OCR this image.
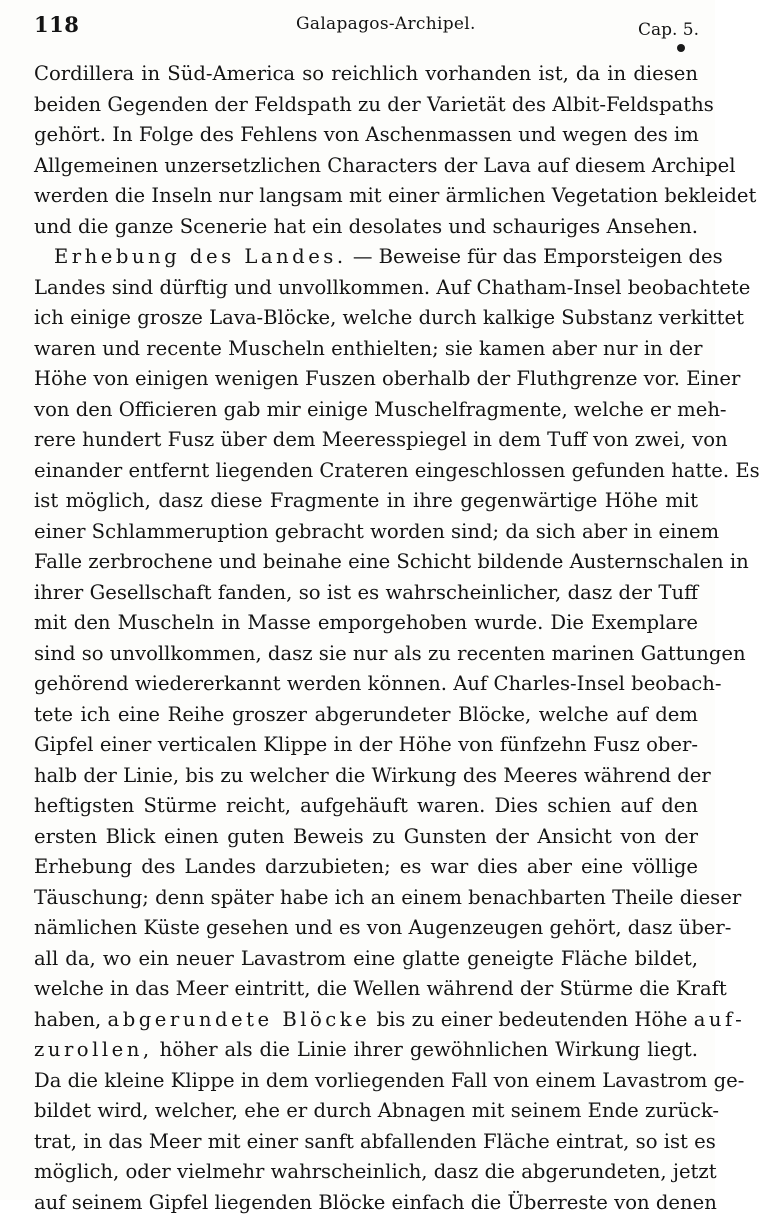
118	Galapagos-Archipel.	Cap. 5.
Cordillera in Süd-America so reichlich vorhanden ist, da in diesen
beiden Gegenden der Feldspath zu der Varietät des Albit-Feldspaths
gehört. In Folge des Fehlens von Aschenmassen und wegen des im
Allgemeinen unzersetzlichen Characters der Lava auf diesem Archipel
werden die Inseln nur langsam mit einer ärmlichen Vegetation bekleidet
und die ganze Scenerie hat ein desolates und schauriges Ansehen.
Erhebung des Landes. — Beweise für das Emporsteigen des
Landes sind dürftig und unvollkommen. Auf Chatham-Insel beobachtete
ich einige grosze Lava-Blöcke, welche durch kalkige Substanz verkittet
waren und recente Muscheln enthielten; sie kamen aber nur in der
Höhe von einigen wenigen Fuszen oberhalb der Fluthgrenze vor. Einer
von den Officieren gab mir einige Muschelfragmente, welche er meh-
rere hundert Fusz über dem Meeresspiegel in dem Tuff von zwei, von
einander entfernt liegenden Crateren eingeschlossen gefunden hatte. Es
ist möglich, dasz diese Fragmente in ihre gegenwärtige Höhe mit
einer Schlammeruption gebracht worden sind; da sich aber in einem
Falle zerbrochene und beinahe eine Schicht bildende Austernschalen in
ihrer Gesellschaft fanden, so ist es wahrscheinlicher, dasz der Tuff
mit den Muscheln in Masse emporgehoben wurde. Die Exemplare
sind so unvollkommen, dasz sie nur als zu recenten marinen Gattungen
gehörend wiedererkannt werden können. Auf Charles-Insel beobach-
tete ich eine Reihe groszer abgerundeter Blöcke, welche auf dem
Gipfel einer verticalen Klippe in der Höhe von fünfzehn Fusz ober-
halb der Linie, bis zu welcher die Wirkung des Meeres während der
heftigsten Stürme reicht, aufgehäuft waren. Dies schien auf den
ersten Blick einen guten Beweis zu Gunsten der Ansicht von der
Erhebung des Landes darzubieten; es war dies aber eine völlige
Täuschung; denn später habe ich an einem benachbarten Theile dieser
nämlichen Küste gesehen und es von Augenzeugen gehört, dasz über-
all da, wo ein neuer Lavastrom eine glatte geneigte Fläche bildet,
welche in das Meer eintritt, die Wellen während der Stürme die Kraft
haben, abgerundete Blöcke bis zu einer bedeutenden Höhe auf-
zurollen, höher als die Linie ihrer gewöhnlichen Wirkung liegt.
Da die kleine Klippe in dem vorliegenden Fall von einem Lavastrom ge-
bildet wird, welcher, ehe er durch Abnagen mit seinem Ende zurück-
trat, in das Meer mit einer sanft abfallenden Fläche eintrat, so ist es
möglich, oder vielmehr wahrscheinlich, dasz die abgerundeten, jetzt
auf seinem Gipfel liegenden Blöcke einfach die Überreste von denen
